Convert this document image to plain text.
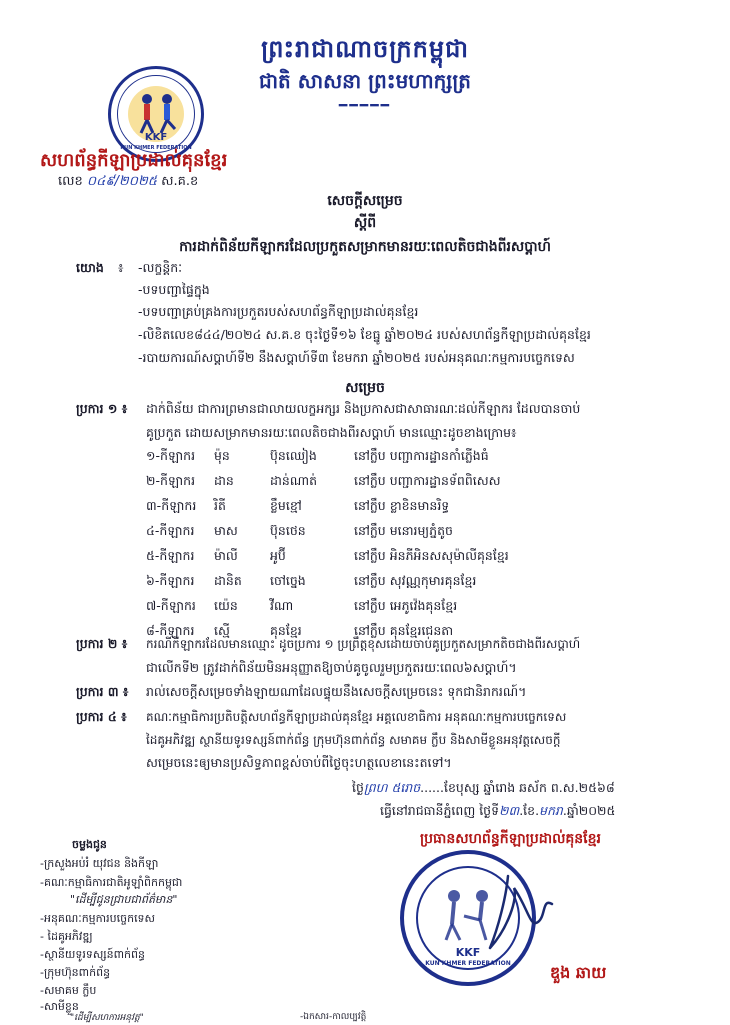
ព្រះរាជាណាចក្រកម្ពុជា
ជាតិ សាសនា ព្រះមហាក្សត្រ
━━━━━
KKF
KUN KHMER FEDERATION
សហព័ន្ធកីឡាប្រដាល់គុនខ្មែរ
លេខ ០៤៩/២០២៥ ស.គ.ខ
សេចក្តីសម្រេច
ស្តីពី
ការដាក់ពិន័យកីឡាករដែលប្រកួតសម្រាកមានរយៈពេលតិចជាងពីរសប្តាហ៍
យោង ៖ -លក្ខន្តិកៈ
-បទបញ្ជាផ្ទៃក្នុង
-បទបញ្ជាគ្រប់គ្រងការប្រកួតរបស់សហព័ន្ធកីឡាប្រដាល់គុនខ្មែរ
-លិខិតលេខ៨៤៤/២០២៤ ស.គ.ខ ចុះថ្ងៃទី១៦ ខែធ្នូ ឆ្នាំ២០២៤ របស់សហព័ន្ធកីឡាប្រដាល់គុនខ្មែរ
-របាយការណ៍សប្តាហ៍ទី២ នឹងសប្តាហ៍ទី៣ ខែមករា ឆ្នាំ២០២៥ របស់អនុគណៈកម្មការបច្ចេកទេស
សម្រេច
ប្រការ ១ ៖ ដាក់ពិន័យ ជាការព្រមានជាលាយលក្ខអក្សរ និងប្រកាសជាសាធារណៈដល់កីឡាករ ដែលបានចាប់
គូប្រកួត ដោយសម្រាកមានរយៈពេលតិចជាងពីរសប្តាហ៍ មានឈ្មោះដូចខាងក្រោម៖
១-កីឡាករ ម៉ុន	ប៊ុនឈៀង	នៅក្លឹប បញ្ជាការដ្ឋានកាំភ្លើងធំ
២-កីឡាករ ដាន	ដាន់ណាត់	នៅក្លឹប បញ្ជាការដ្ឋានទ័ពពិសេស
៣-កីឡាករ រិតី	ខ្លឹមខ្មៅ	នៅក្លឹប ខ្លាខិនមានរិទ្ធ
៤-កីឡាករ មាស	ប៊ុនថេន	នៅក្លឹប មនោរម្យភ្នំតូច
៥-កីឡាករ ម៉ាលី	អូប៊ី	នៅក្លឹប អិនភីអិនសសុម៉ាលីគុនខ្មែរ
៦-កីឡាករ ដានិត ចៅច្នេង	នៅក្លឹប សុវណ្ណកុមារគុនខ្មែរ
៧-កីឡាករ យ៉េន	វីណា	នៅក្លឹប អេភូវ៉េងគុនខ្មែរ
៨-កីឡាករ ស្មើ	គុនខ្មែរ	នៅក្លឹប គុនខ្មែរជេនតា
ប្រការ ២ ៖ ករណីកីឡាករដែលមានឈ្មោះ ដូចប្រការ ១ ប្រព្រឹត្តខុសដោយចាប់គូប្រកួតសម្រាកតិចជាងពីរសប្តាហ៍
ជាលើកទី២ ត្រូវដាក់ពិន័យមិនអនុញ្ញាតឱ្យចាប់គូចូលរួមប្រកួតរយៈពេល៦សប្តាហ៍។
ប្រការ ៣ ៖ រាល់សេចក្តីសម្រេចទាំងឡាយណាដែលផ្ទុយនឹងសេចក្តីសម្រេចនេះ ទុកជានិរាករណ៍។
ប្រការ ៤ ៖ គណៈកម្មាធិការប្រតិបត្តិសហព័ន្ធកីឡាប្រដាល់គុនខ្មែរ អគ្គលេខាធិការ អនុគណៈកម្មការបច្ចេកទេស
ដៃគូអភិវឌ្ឍ ស្ថានីយទូរទស្សន៍ពាក់ព័ន្ធ ក្រុមហ៊ុនពាក់ព័ន្ធ សមាគម ក្លឹប និងសាមីខ្លួនអនុវត្តសេចក្តី
សម្រេចនេះឲ្យមានប្រសិទ្ធភាពខ្ពស់ចាប់ពីថ្ងៃចុះហត្ថលេខានេះតទៅ។
ថ្ងៃព្រហ ៥រោច......ខែបុស្ស ឆ្នាំរោង ឆស័ក ព.ស.២៥៦៨
ធ្វើនៅរាជធានីភ្នំពេញ ថ្ងៃទី២៣.ខែ.មករា.ឆ្នាំ២០២៥
ប្រធានសហព័ន្ធកីឡាប្រដាល់គុនខ្មែរ
KKF
KUN KHMER FEDERATION	ឌួង ឆាយ
ចម្លងជូន
-ក្រសួងអប់រំ យុវជន និងកីឡា
-គណៈកម្មាធិការជាតិអូឡាំពិកកម្ពុជា
"ដើម្បីជូនជ្រាបជាព័ត៌មាន"
-អនុគណៈកម្មការបច្ចេកទេស
- ដៃគូអភិវឌ្ឍ
-ស្ថានីយទូរទស្សន៍ពាក់ព័ន្ធ
-ក្រុមហ៊ុនពាក់ព័ន្ធ
-សមាគម ក្លឹប
-សាមីខ្លួន
"ដើម្បីសហការអនុវត្ត"	-ឯកសារ-កាលប្បវត្តិ
